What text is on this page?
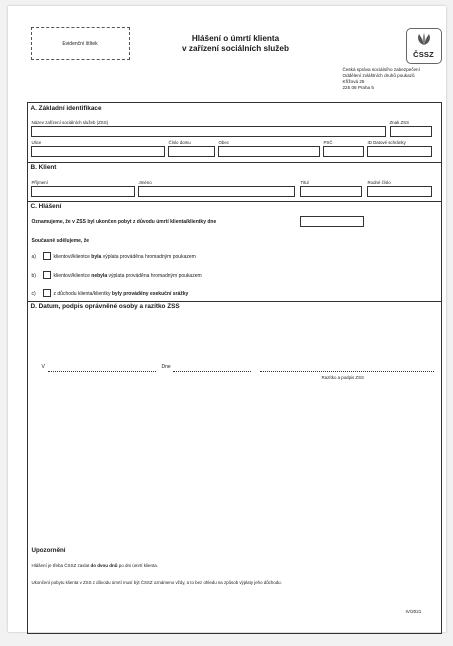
Evidenční štítek
Hlášení o úmrtí klienta
v zařízení sociálních služeb
ČSSZ
Česká správa sociálního zabezpečení
Oddělení zvláštních druhů poukazů
Křížová 25
225 08 Praha 5
A. Základní identifikace
Název zařízení sociálních služeb (ZSS)	Znak ZSS
Ulice	Číslo domu	Obec	PSČ	ID Datové schránky
B. Klient
Příjmení	Jméno	Titul	Rodné číslo
C. Hlášení
Oznamujeme, že v ZSS byl ukončen pobyt z důvodu úmrtí klienta/klientky dne
Současně sdělujeme, že
a)	klientovi/klientce byla výplata prováděna hromadným poukazem
b)	klientovi/klientce nebyla výplata prováděna hromadným poukazem
c)	z důchodu klienta/klientky byly prováděny exekuční srážky
D. Datum, podpis oprávněné osoby a razítko ZSS
V	Dne
Razítko a podpis ZSS
Upozornění
Hlášení je třeba ČSSZ zaslat do dvou dnů po dni úmrtí klienta.
Ukončení pobytu klienta v ZSS z důvodu úmrtí musí být ČSSZ oznámeno vždy, a to bez ohledu na způsob výplaty jeho důchodu.
IV/2021
